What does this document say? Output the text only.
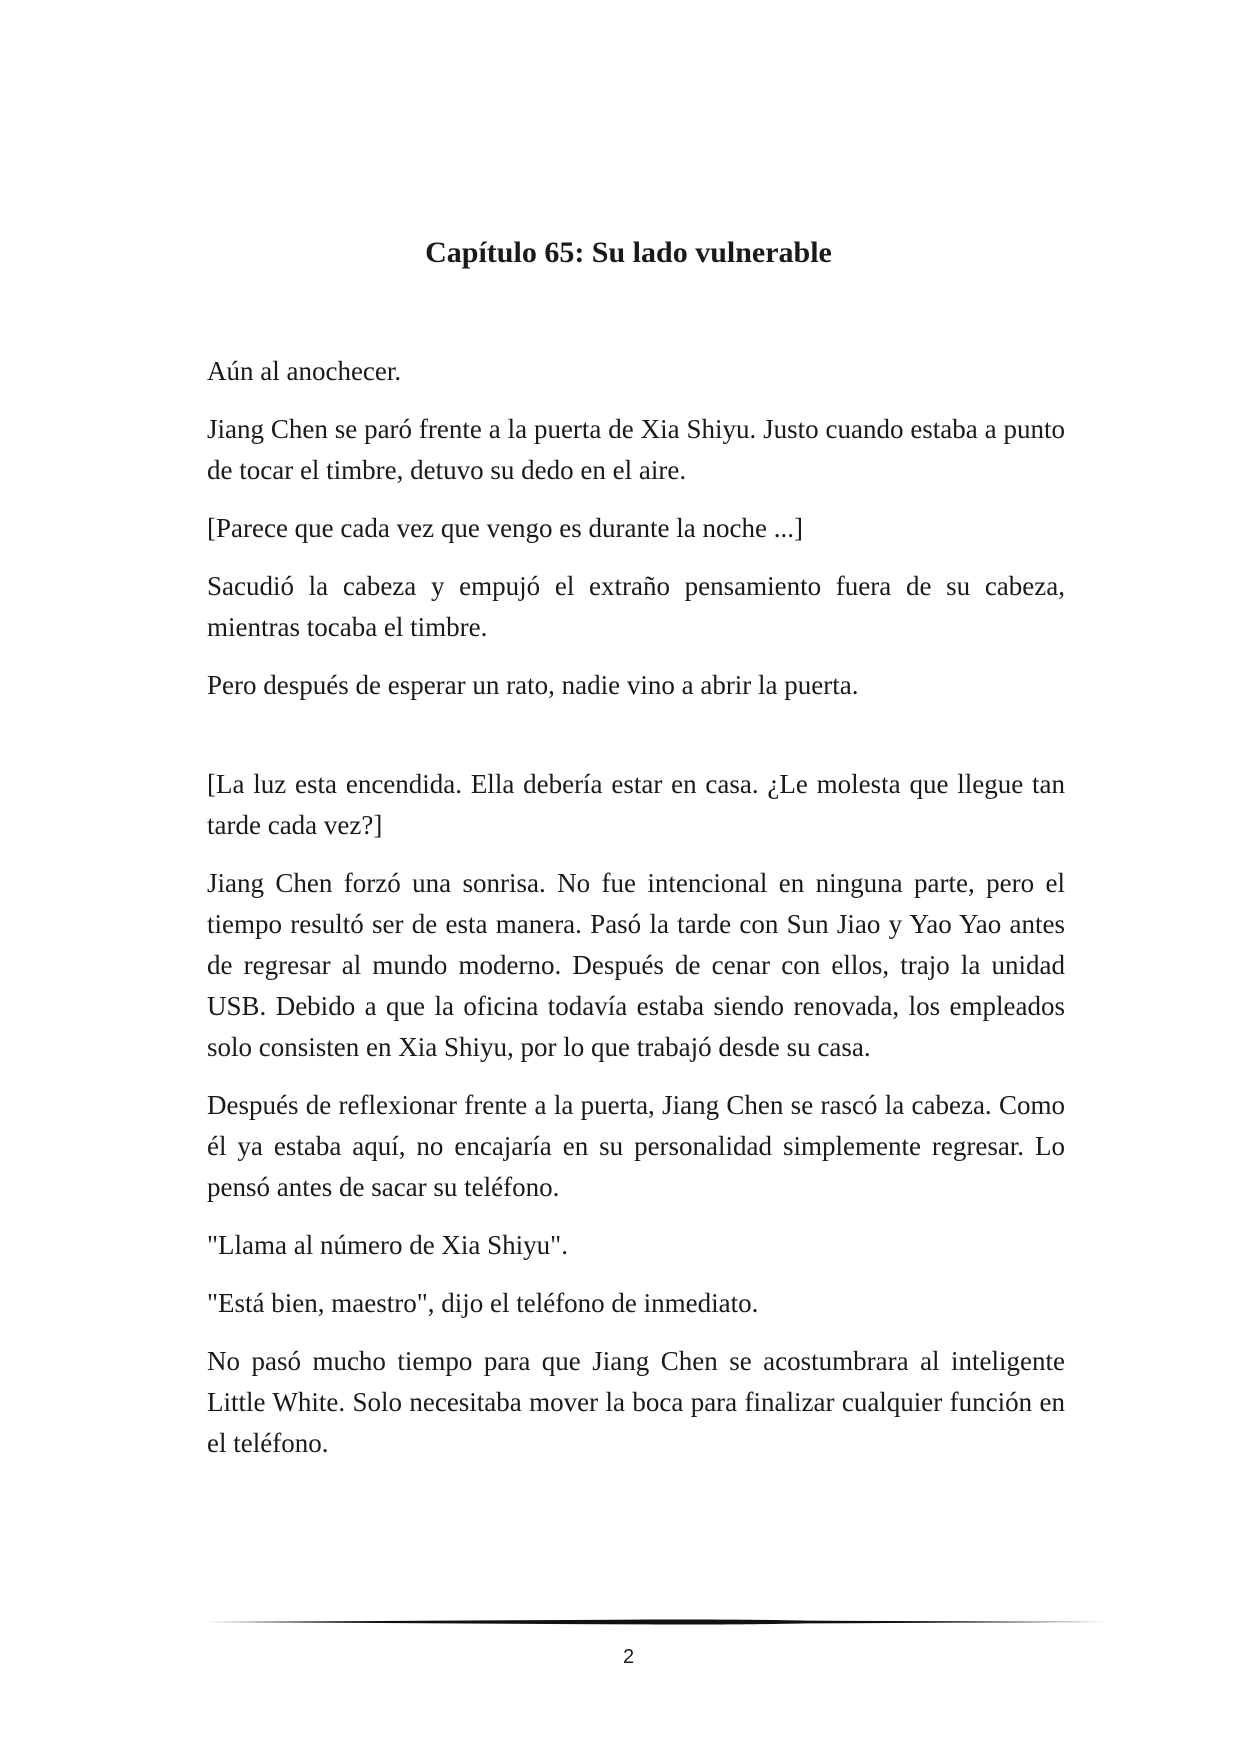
Capítulo 65: Su lado vulnerable

Aún al anochecer.

Jiang Chen se paró frente a la puerta de Xia Shiyu. Justo cuando estaba a punto de tocar el timbre, detuvo su dedo en el aire.

[Parece que cada vez que vengo es durante la noche ...]

Sacudió la cabeza y empujó el extraño pensamiento fuera de su cabeza, mientras tocaba el timbre.

Pero después de esperar un rato, nadie vino a abrir la puerta.

[La luz esta encendida. Ella debería estar en casa. ¿Le molesta que llegue tan tarde cada vez?]

Jiang Chen forzó una sonrisa. No fue intencional en ninguna parte, pero el tiempo resultó ser de esta manera. Pasó la tarde con Sun Jiao y Yao Yao antes de regresar al mundo moderno. Después de cenar con ellos, trajo la unidad USB. Debido a que la oficina todavía estaba siendo renovada, los empleados solo consisten en Xia Shiyu, por lo que trabajó desde su casa.

Después de reflexionar frente a la puerta, Jiang Chen se rascó la cabeza. Como él ya estaba aquí, no encajaría en su personalidad simplemente regresar. Lo pensó antes de sacar su teléfono.

"Llama al número de Xia Shiyu".

"Está bien, maestro", dijo el teléfono de inmediato.

No pasó mucho tiempo para que Jiang Chen se acostumbrara al inteligente Little White. Solo necesitaba mover la boca para finalizar cualquier función en el teléfono.

2
